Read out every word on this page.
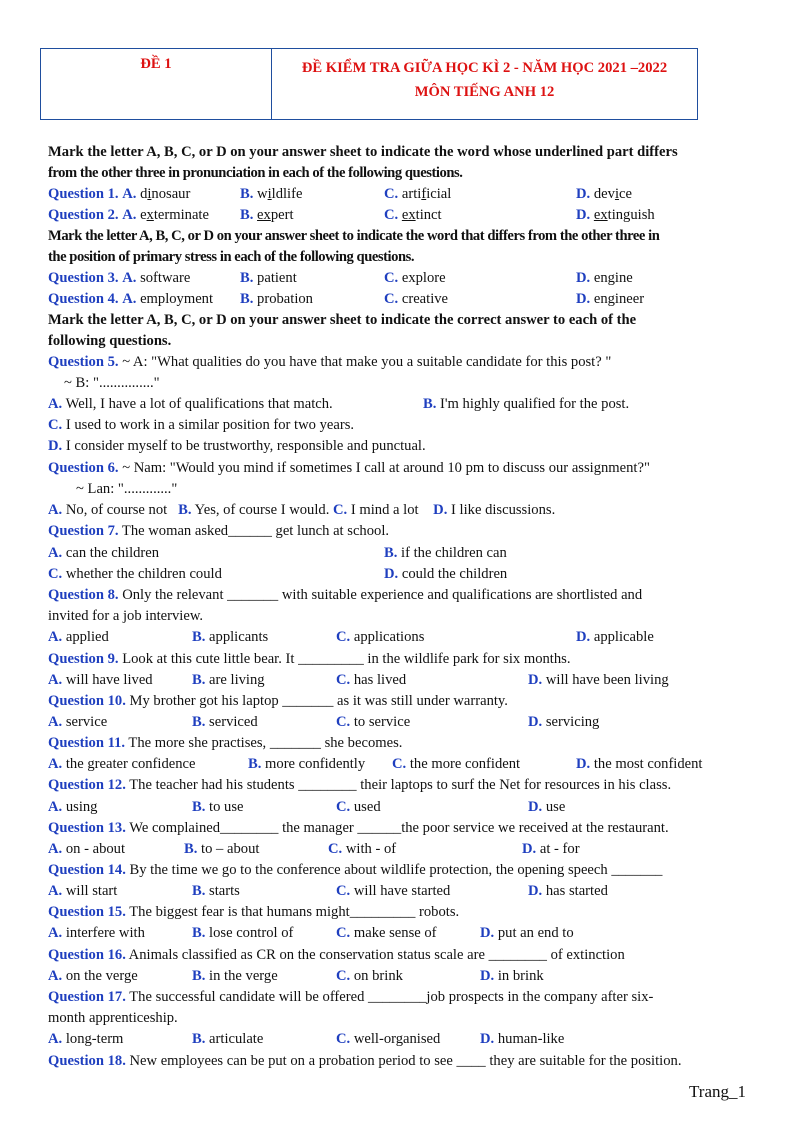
ĐỀ 1	ĐỀ KIỂM TRA GIỮA HỌC KÌ 2 - NĂM HỌC 2021 –2022
MÔN TIẾNG ANH 12
Mark the letter A, B, C, or D on your answer sheet to indicate the word whose underlined part differs
from the other three in pronunciation in each of the following questions.
Question 1. A. dinosaur	B. wildlife	C. artificial	D. device
Question 2. A. exterminate B. expert	C. extinct	D. extinguish
Mark the letter A, B, C, or D on your answer sheet to indicate the word that differs from the other three in
the position of primary stress in each of the following questions.
Question 3. A. software	B. patient	C. explore	D. engine
Question 4. A. employment B. probation	C. creative	D. engineer
Mark the letter A, B, C, or D on your answer sheet to indicate the correct answer to each of the
following questions.
Question 5. ~ A: "What qualities do you have that make you a suitable candidate for this post? "
~ B: "..............."
A. Well, I have a lot of qualifications that match.	B. I'm highly qualified for the post.
C. I used to work in a similar position for two years.
D. I consider myself to be trustworthy, responsible and punctual.
Question 6. ~ Nam: "Would you mind if sometimes I call at around 10 pm to discuss our assignment?"
~ Lan: "............."
A. No, of course not B. Yes, of course I would. C. I mind a lot D. I like discussions.
Question 7. The woman asked______ get lunch at school.
A. can the children	B. if the children can
C. whether the children could	D. could the children
Question 8. Only the relevant _______ with suitable experience and qualifications are shortlisted and
invited for a job interview.
A. applied	B. applicants	C. applications	D. applicable
Question 9. Look at this cute little bear. It _________ in the wildlife park for six months.
A. will have lived	B. are living	C. has lived	D. will have been living
Question 10. My brother got his laptop _______ as it was still under warranty.
A. service	B. serviced	C. to service	D. servicing
Question 11. The more she practises, _______ she becomes.
A. the greater confidence	B. more confidently C. the more confident	D. the most confident
Question 12. The teacher had his students ________ their laptops to surf the Net for resources in his class.
A. using	B. to use	C. used	D. use
Question 13. We complained________ the manager ______the poor service we received at the restaurant.
A. on - about	B. to – about	C. with - of	D. at - for
Question 14. By the time we go to the conference about wildlife protection, the opening speech _______
A. will start	B. starts	C. will have started	D. has started
Question 15. The biggest fear is that humans might_________ robots.
A. interfere with	B. lose control of	C. make sense of	D. put an end to
Question 16. Animals classified as CR on the conservation status scale are ________ of extinction
A. on the verge	B. in the verge	C. on brink	D. in brink
Question 17. The successful candidate will be offered ________job prospects in the company after six-
month apprenticeship.
A. long-term	B. articulate	C. well-organised	D. human-like
Question 18. New employees can be put on a probation period to see ____ they are suitable for the position.
Trang_1
